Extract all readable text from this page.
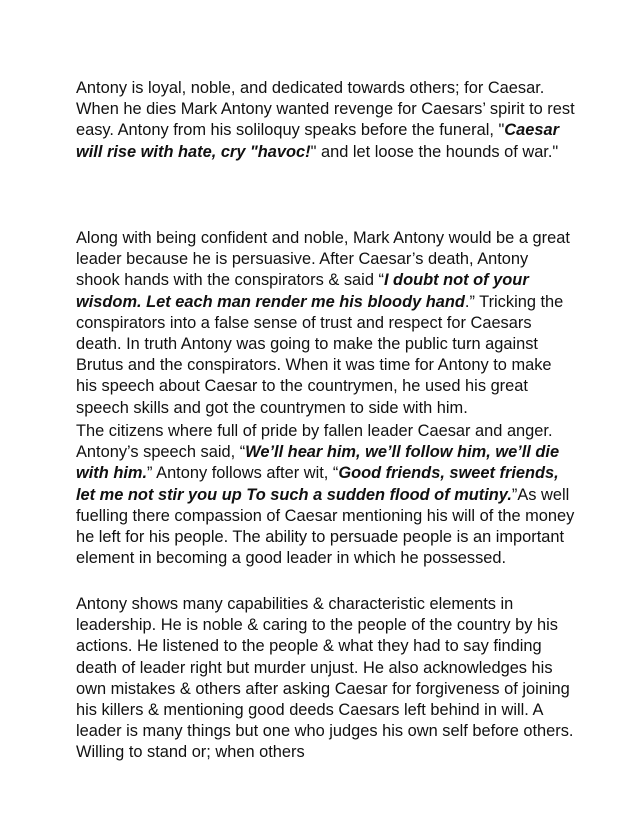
Antony is loyal, noble, and dedicated towards others; for Caesar. When he dies Mark Antony wanted revenge for Caesars’ spirit to rest easy. Antony from his soliloquy speaks before the funeral, "Caesar will rise with hate, cry "havoc!" and let loose the hounds of war."

Along with being confident and noble, Mark Antony would be a great leader because he is persuasive. After Caesar’s death, Antony shook hands with the conspirators & said “I doubt not of your wisdom. Let each man render me his bloody hand.” Tricking the conspirators into a false sense of trust and respect for Caesars death. In truth Antony was going to make the public turn against Brutus and the conspirators. When it was time for Antony to make his speech about Caesar to the countrymen, he used his great speech skills and got the countrymen to side with him.

The citizens where full of pride by fallen leader Caesar and anger. Antony’s speech said, “We’ll hear him, we’ll follow him, we’ll die with him.” Antony follows after wit, “Good friends, sweet friends, let me not stir you up To such a sudden flood of mutiny.”As well fuelling there compassion of Caesar mentioning his will of the money he left for his people. The ability to persuade people is an important element in becoming a good leader in which he possessed.

Antony shows many capabilities & characteristic elements in leadership. He is noble & caring to the people of the country by his actions. He listened to the people & what they had to say finding death of leader right but murder unjust. He also acknowledges his own mistakes & others after asking Caesar for forgiveness of joining his killers & mentioning good deeds Caesars left behind in will. A leader is many things but one who judges his own self before others. Willing to stand or; when others
